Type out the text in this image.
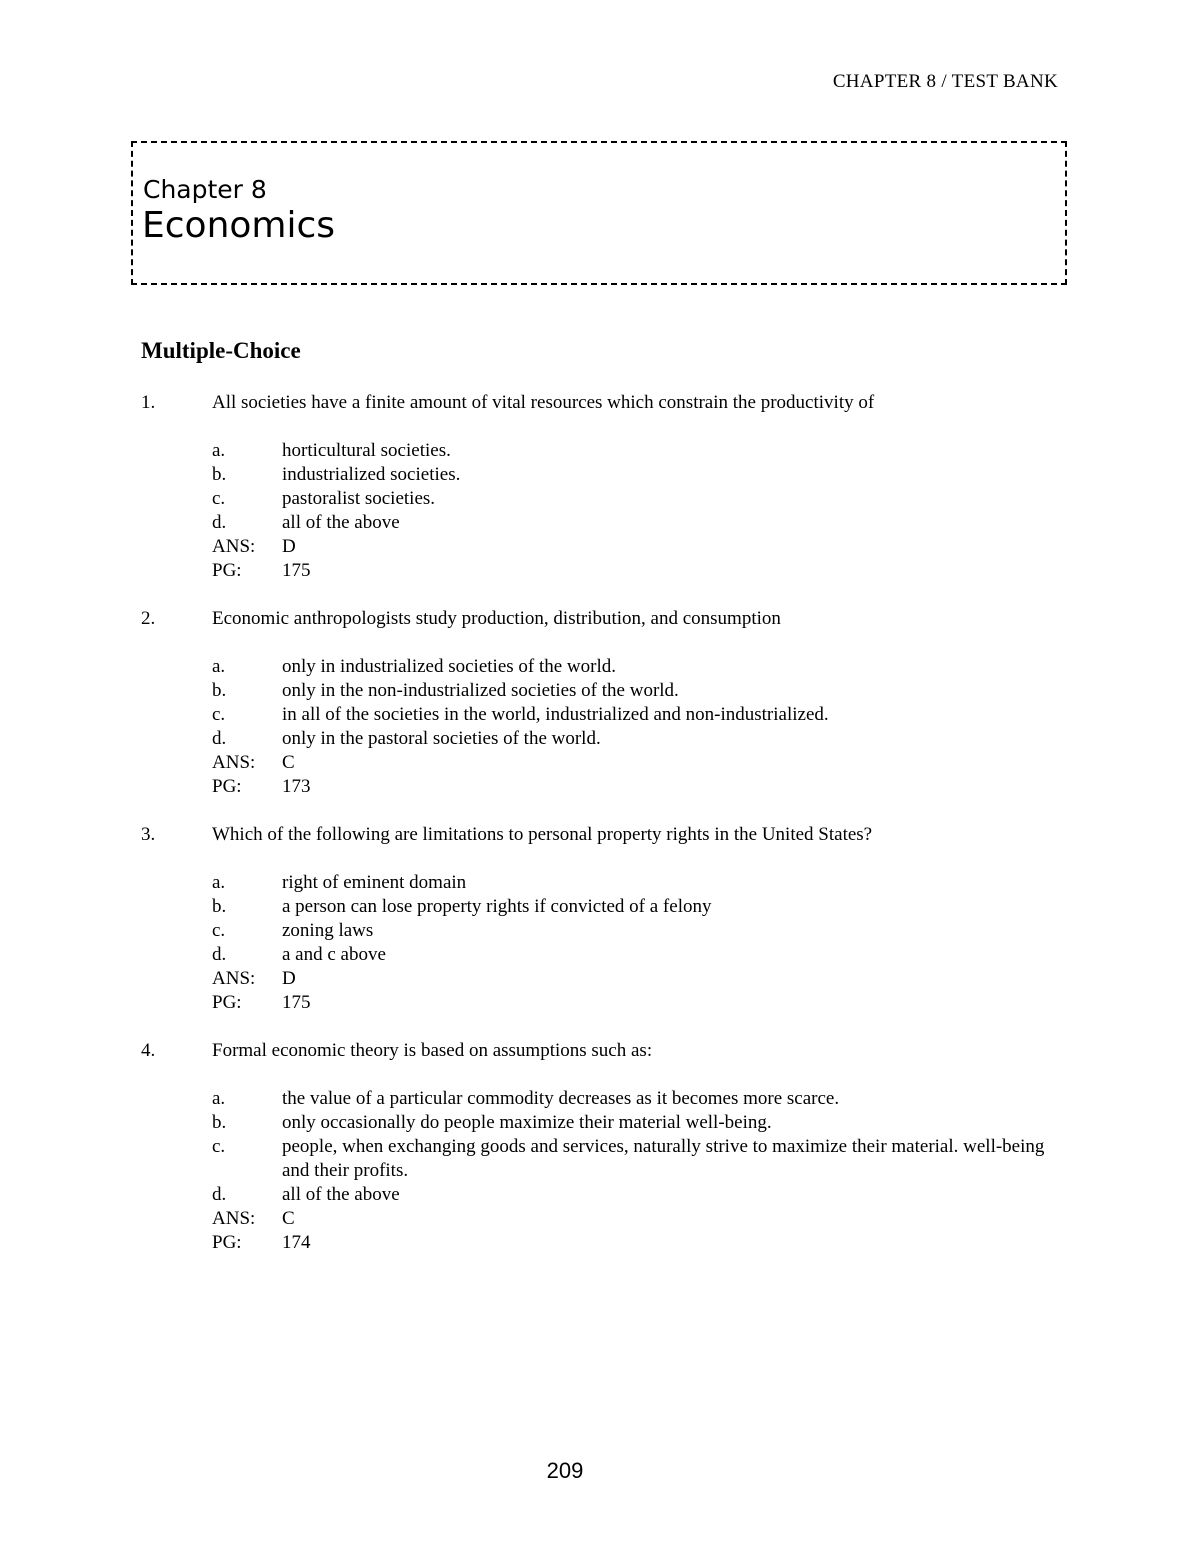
CHAPTER 8 / TEST BANK
Chapter 8
Economics
Multiple-Choice
1.	All societies have a finite amount of vital resources which constrain the productivity of
a.	horticultural societies.
b.	industrialized societies.
c.	pastoralist societies.
d.	all of the above
ANS:	D
PG:	175
2.	Economic anthropologists study production, distribution, and consumption
a.	only in industrialized societies of the world.
b.	only in the non-industrialized societies of the world.
c.	in all of the societies in the world, industrialized and non-industrialized.
d.	only in the pastoral societies of the world.
ANS:	C
PG:	173
3.	Which of the following are limitations to personal property rights in the United States?
a.	right of eminent domain
b.	a person can lose property rights if convicted of a felony
c.	zoning laws
d.	a and c above
ANS:	D
PG:	175
4.	Formal economic theory is based on assumptions such as:
a.	the value of a particular commodity decreases as it becomes more scarce.
b.	only occasionally do people maximize their material well-being.
c.	people, when exchanging goods and services, naturally strive to maximize their material. well-being and their profits.
d.	all of the above
ANS:	C
PG:	174
209
